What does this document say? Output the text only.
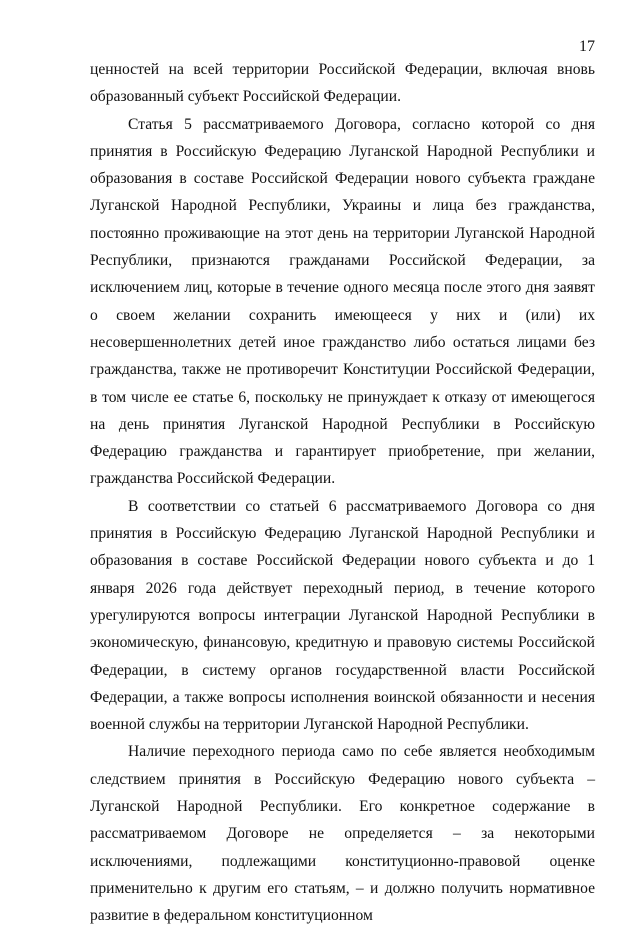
17

ценностей на всей территории Российской Федерации, включая вновь образованный субъект Российской Федерации.

Статья 5 рассматриваемого Договора, согласно которой со дня принятия в Российскую Федерацию Луганской Народной Республики и образования в составе Российской Федерации нового субъекта граждане Луганской Народной Республики, Украины и лица без гражданства, постоянно проживающие на этот день на территории Луганской Народной Республики, признаются гражданами Российской Федерации, за исключением лиц, которые в течение одного месяца после этого дня заявят о своем желании сохранить имеющееся у них и (или) их несовершеннолетних детей иное гражданство либо остаться лицами без гражданства, также не противоречит Конституции Российской Федерации, в том числе ее статье 6, поскольку не принуждает к отказу от имеющегося на день принятия Луганской Народной Республики в Российскую Федерацию гражданства и гарантирует приобретение, при желании, гражданства Российской Федерации.

В соответствии со статьей 6 рассматриваемого Договора со дня принятия в Российскую Федерацию Луганской Народной Республики и образования в составе Российской Федерации нового субъекта и до 1 января 2026 года действует переходный период, в течение которого урегулируются вопросы интеграции Луганской Народной Республики в экономическую, финансовую, кредитную и правовую системы Российской Федерации, в систему органов государственной власти Российской Федерации, а также вопросы исполнения воинской обязанности и несения военной службы на территории Луганской Народной Республики.

Наличие переходного периода само по себе является необходимым следствием принятия в Российскую Федерацию нового субъекта – Луганской Народной Республики. Его конкретное содержание в рассматриваемом Договоре не определяется – за некоторыми исключениями, подлежащими конституционно-правовой оценке применительно к другим его статьям, – и должно получить нормативное развитие в федеральном конституционном
